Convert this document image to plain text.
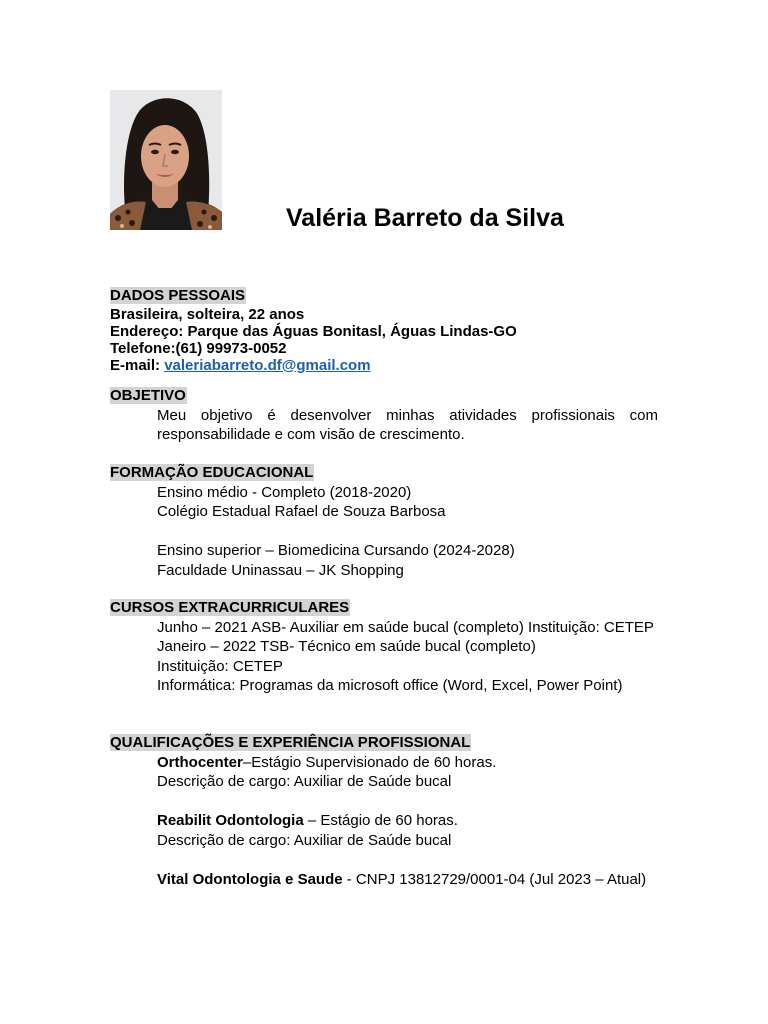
Valéria Barreto da Silva
DADOS PESSOAIS
Brasileira, solteira, 22 anos
Endereço: Parque das Águas Bonitasl, Águas Lindas-GO
Telefone:(61) 99973-0052
E-mail: valeriabarreto.df@gmail.com
OBJETIVO
Meu objetivo é desenvolver minhas atividades profissionais com responsabilidade e com visão de crescimento.
FORMAÇÃO EDUCACIONAL
Ensino médio - Completo (2018-2020)
Colégio Estadual Rafael de Souza Barbosa
Ensino superior – Biomedicina Cursando (2024-2028)
Faculdade Uninassau – JK Shopping
CURSOS EXTRACURRICULARES
Junho – 2021 ASB- Auxiliar em saúde bucal (completo) Instituição: CETEP
Janeiro – 2022 TSB- Técnico em saúde bucal (completo)
Instituição: CETEP
Informática: Programas da microsoft office (Word, Excel, Power Point)
QUALIFICAÇÕES E EXPERIÊNCIA PROFISSIONAL
Orthocenter–Estágio Supervisionado de 60 horas.
Descrição de cargo: Auxiliar de Saúde bucal
Reabilit Odontologia – Estágio de 60 horas.
Descrição de cargo: Auxiliar de Saúde bucal
Vital Odontologia e Saude - CNPJ 13812729/0001-04 (Jul 2023 – Atual)
